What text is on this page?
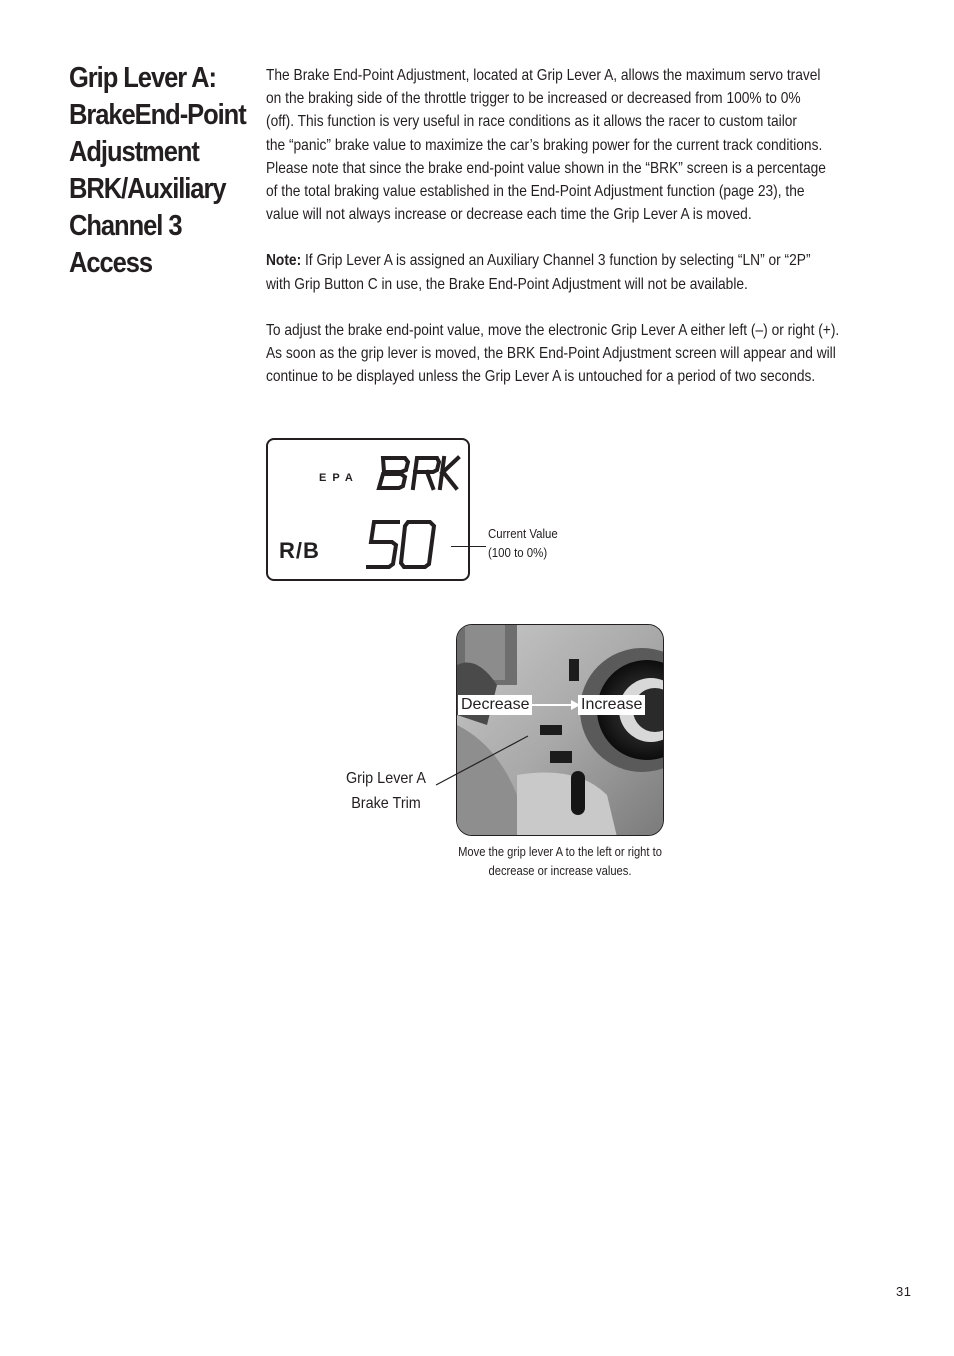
Grip Lever A:
BrakeEnd-Point
Adjustment
BRK/Auxiliary
Channel 3
Access

The Brake End-Point Adjustment, located at Grip Lever A, allows the maximum servo travel
on the braking side of the throttle trigger to be increased or decreased from 100% to 0%
(off). This function is very useful in race conditions as it allows the racer to custom tailor
the “panic” brake value to maximize the car’s braking power for the current track conditions.
Please note that since the brake end-point value shown in the “BRK” screen is a percentage
of the total braking value established in the End-Point Adjustment function (page 23), the
value will not always increase or decrease each time the Grip Lever A is moved.

Note: If Grip Lever A is assigned an Auxiliary Channel 3 function by selecting “LN” or “2P”
with Grip Button C in use, the Brake End-Point Adjustment will not be available.

To adjust the brake end-point value, move the electronic Grip Lever A either left (–) or right (+).
As soon as the grip lever is moved, the BRK End-Point Adjustment screen will appear and will
continue to be displayed unless the Grip Lever A is untouched for a period of two seconds.

EPA
R/B
Current Value
(100 to 0%)
Decrease	Increase
Grip Lever A
Brake Trim
Move the grip lever A to the left or right to
decrease or increase values.
31
